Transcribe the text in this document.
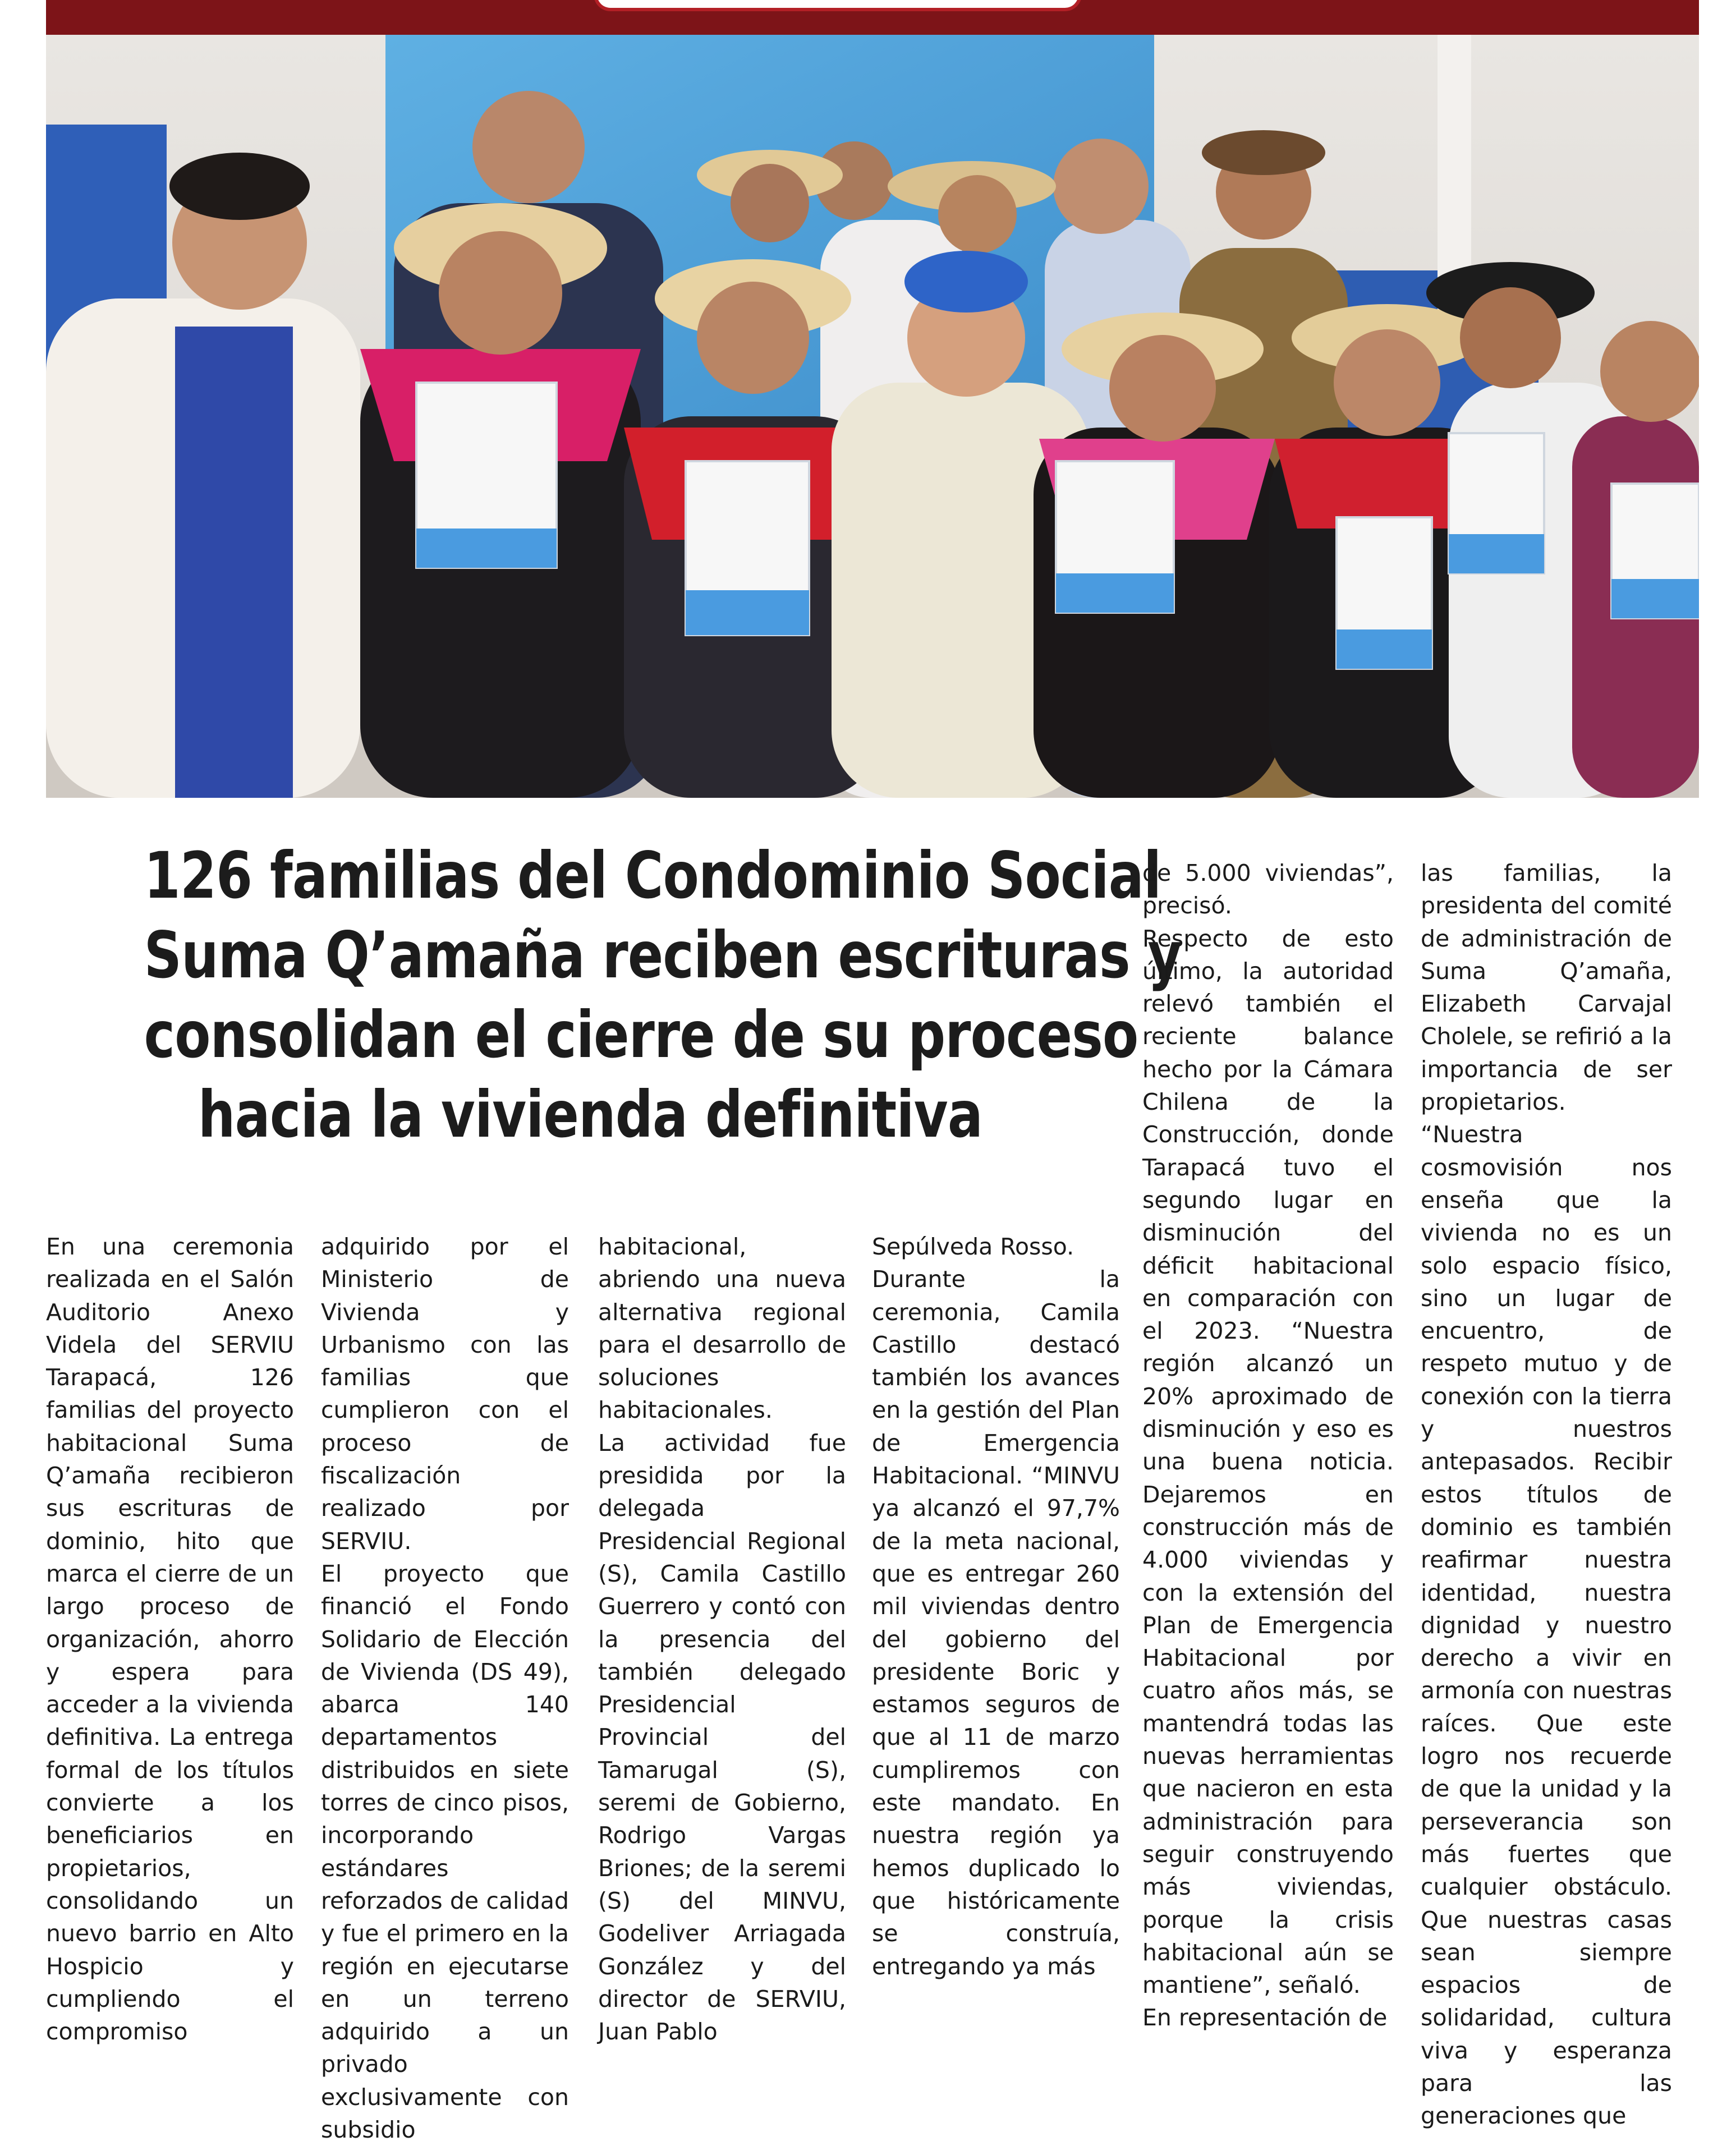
126 familias del Condominio Social
Suma Q’amaña reciben escrituras y
consolidan el cierre de su proceso
hacia la vivienda definitiva

En una ceremonia realizada en el Salón Auditorio Anexo Videla del SERVIU Tarapacá, 126 familias del proyecto habitacional Suma Q’amaña recibieron sus escrituras de dominio, hito que marca el cierre de un largo proceso de organización, ahorro y espera para acceder a la vivienda definitiva. La entrega formal de los títulos convierte a los beneficiarios en propietarios, consolidando un nuevo barrio en Alto Hospicio y cumpliendo el compromiso

adquirido por el Ministerio de Vivienda y Urbanismo con las familias que cumplieron con el proceso de fiscalización realizado por SERVIU.

El proyecto que financió el Fondo Solidario de Elección de Vivienda (DS 49), abarca 140 departamentos distribuidos en siete torres de cinco pisos, incorporando estándares reforzados de calidad y fue el primero en la región en ejecutarse en un terreno adquirido a un privado exclusivamente con subsidio

habitacional, abriendo una nueva alternativa regional para el desarrollo de soluciones habitacionales.

La actividad fue presidida por la delegada Presidencial Regional (S), Camila Castillo Guerrero y contó con la presencia del también delegado Presidencial Provincial del Tamarugal (S), seremi de Gobierno, Rodrigo Vargas Briones; de la seremi (S) del MINVU, Godeliver Arriagada González y del director de SERVIU, Juan Pablo

Sepúlveda Rosso.

Durante la ceremonia, Camila Castillo destacó también los avances en la gestión del Plan de Emergencia Habitacional. “MINVU ya alcanzó el 97,7% de la meta nacional, que es entregar 260 mil viviendas dentro del gobierno del presidente Boric y estamos seguros de que al 11 de marzo cumpliremos con este mandato. En nuestra región ya hemos duplicado lo que históricamente se construía, entregando ya más

de 5.000 viviendas”, precisó.

Respecto de esto último, la autoridad relevó también el reciente balance hecho por la Cámara Chilena de la Construcción, donde Tarapacá tuvo el segundo lugar en disminución del déficit habitacional en comparación con el 2023. “Nuestra región alcanzó un 20% aproximado de disminución y eso es una buena noticia. Dejaremos en construcción más de 4.000 viviendas y con la extensión del Plan de Emergencia Habitacional por cuatro años más, se mantendrá todas las nuevas herramientas que nacieron en esta administración para seguir construyendo más viviendas, porque la crisis habitacional aún se mantiene”, señaló.

En representación de

las familias, la presidenta del comité de administración de Suma Q’amaña, Elizabeth Carvajal Cholele, se refirió a la importancia de ser propietarios. “Nuestra cosmovisión nos enseña que la vivienda no es un solo espacio físico, sino un lugar de encuentro, de respeto mutuo y de conexión con la tierra y nuestros antepasados. Recibir estos títulos de dominio es también reafirmar nuestra identidad, nuestra dignidad y nuestro derecho a vivir en armonía con nuestras raíces. Que este logro nos recuerde de que la unidad y la perseverancia son más fuertes que cualquier obstáculo. Que nuestras casas sean siempre espacios de solidaridad, cultura viva y esperanza para las generaciones que
